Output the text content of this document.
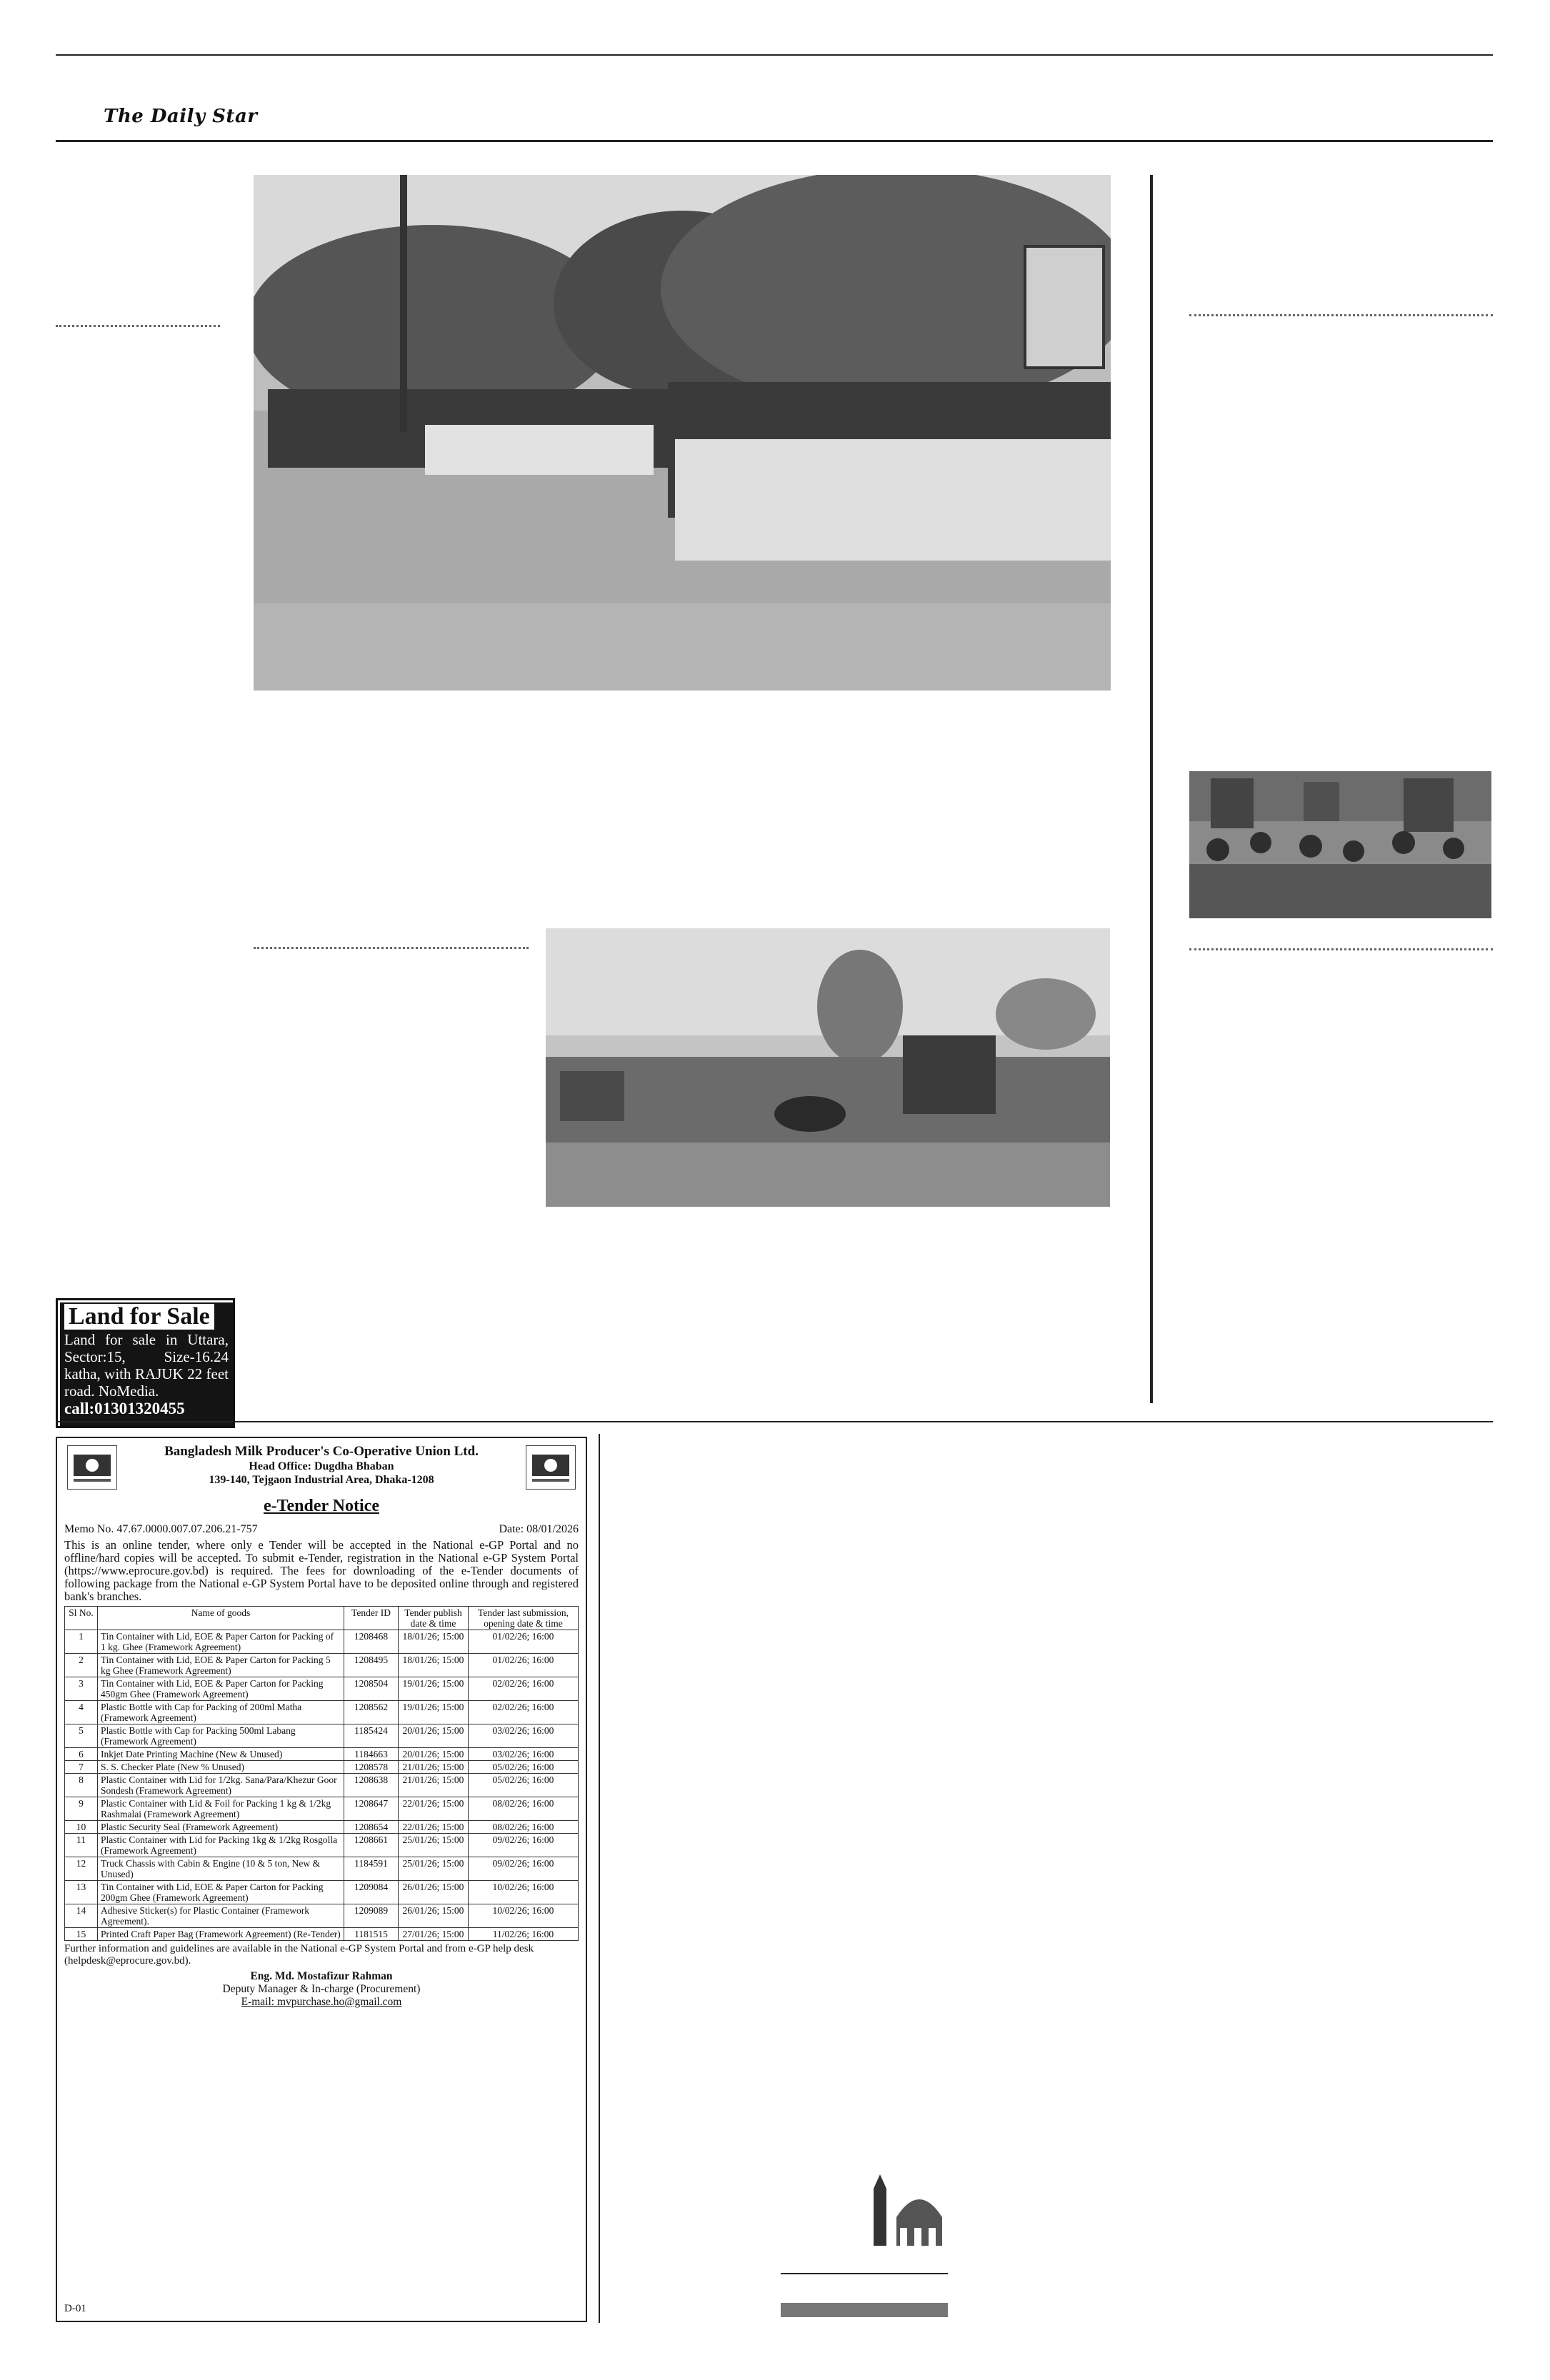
The Daily Star
Land for Sale
Land for sale in Uttara, Sector:15, Size-16.24 katha, with RAJUK 22 feet road. NoMedia.
call:01301320455
Bangladesh Milk Producer's Co-Operative Union Ltd.
Head Office: Dugdha Bhaban
139-140, Tejgaon Industrial Area, Dhaka-1208
e-Tender Notice
Memo No. 47.67.0000.007.07.206.21-757	Date: 08/01/2026
This is an online tender, where only e Tender will be accepted in the National e-GP Portal and no offline/hard copies will be accepted. To submit e-Tender, registration in the National e-GP System Portal (https://www.eprocure.gov.bd) is required. The fees for downloading of the e-Tender documents of following package from the National e-GP System Portal have to be deposited online through and registered bank's branches.
Sl No.	Name of goods	Tender ID	Tender publish date & time	Tender last submission, opening date & time
1	Tin Container with Lid, EOE & Paper Carton for Packing of 1 kg. Ghee (Framework Agreement)	1208468	18/01/26; 15:00	01/02/26; 16:00
2	Tin Container with Lid, EOE & Paper Carton for Packing 5 kg Ghee (Framework Agreement)	1208495	18/01/26; 15:00	01/02/26; 16:00
3	Tin Container with Lid, EOE & Paper Carton for Packing 450gm Ghee (Framework Agreement)	1208504	19/01/26; 15:00	02/02/26; 16:00
4	Plastic Bottle with Cap for Packing of 200ml Matha (Framework Agreement)	1208562	19/01/26; 15:00	02/02/26; 16:00
5	Plastic Bottle with Cap for Packing 500ml Labang (Framework Agreement)	1185424	20/01/26; 15:00	03/02/26; 16:00
6	Inkjet Date Printing Machine (New & Unused)	1184663	20/01/26; 15:00	03/02/26; 16:00
7	S. S. Checker Plate (New % Unused)	1208578	21/01/26; 15:00	05/02/26; 16:00
8	Plastic Container with Lid for 1/2kg. Sana/Para/Khezur Goor Sondesh (Framework Agreement)	1208638	21/01/26; 15:00	05/02/26; 16:00
9	Plastic Container with Lid & Foil for Packing 1 kg & 1/2kg Rashmalai (Framework Agreement)	1208647	22/01/26; 15:00	08/02/26; 16:00
10	Plastic Security Seal (Framework Agreement)	1208654	22/01/26; 15:00	08/02/26; 16:00
11	Plastic Container with Lid for Packing 1kg & 1/2kg Rosgolla (Framework Agreement)	1208661	25/01/26; 15:00	09/02/26; 16:00
12	Truck Chassis with Cabin & Engine (10 & 5 ton, New & Unused)	1184591	25/01/26; 15:00	09/02/26; 16:00
13	Tin Container with Lid, EOE & Paper Carton for Packing 200gm Ghee (Framework Agreement)	1209084	26/01/26; 15:00	10/02/26; 16:00
14	Adhesive Sticker(s) for Plastic Container (Framework Agreement).	1209089	26/01/26; 15:00	10/02/26; 16:00
15	Printed Craft Paper Bag (Framework Agreement) (Re-Tender)	1181515	27/01/26; 15:00	11/02/26; 16:00
Further information and guidelines are available in the National e-GP System Portal and from e-GP help desk (helpdesk@eprocure.gov.bd).
Eng. Md. Mostafizur Rahman
Deputy Manager & In-charge (Procurement)
E-mail: mvpurchase.ho@gmail.com
D-01
